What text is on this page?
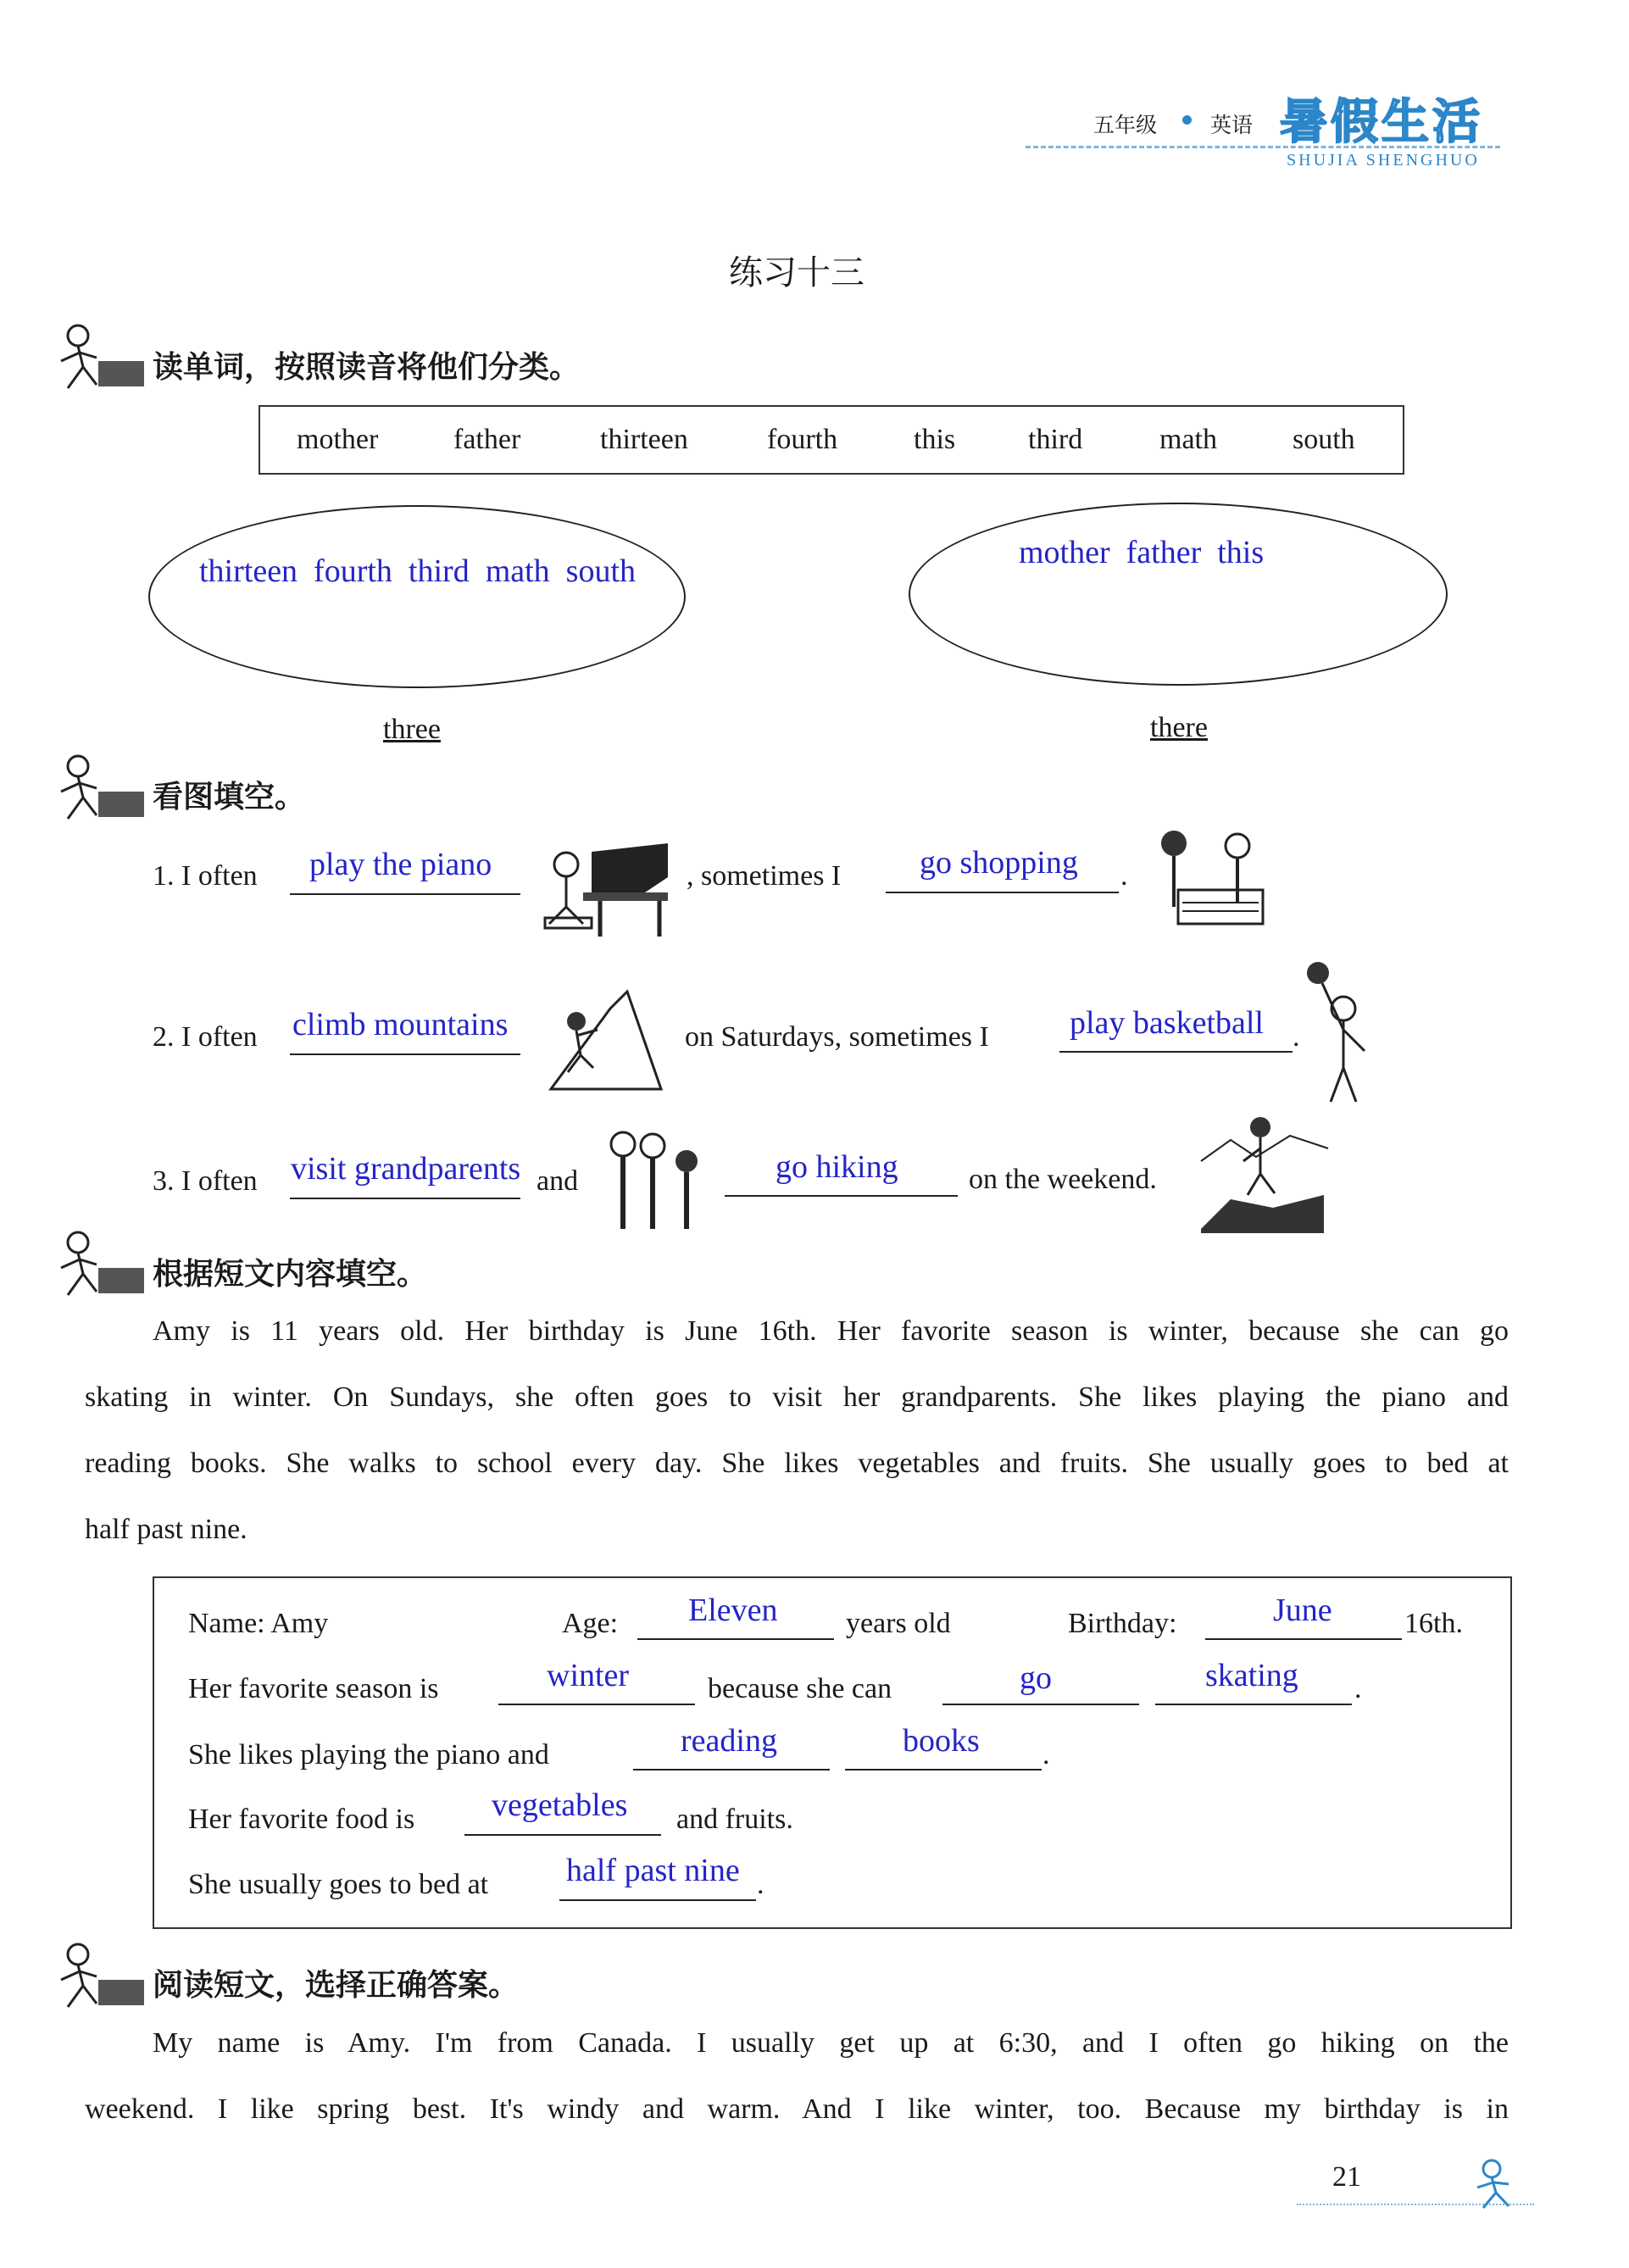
五年级	英语 暑假生活
SHUJIA SHENGHUO
练习十三
读单词，按照读音将他们分类。
mother	father	thirteen	fourth	this	third	math	south
thirteen  fourth  third  math  south
three
mother  father  this
there
看图填空。
1. I often play the piano	, sometimes I go shopping .
2. I often climb mountains	on Saturdays, sometimes I	play basketball .
3. I often visit grandparents and	go hiking on the weekend.
根据短文内容填空。
Amy is 11 years old. Her birthday is June 16th. Her favorite season is winter, because she can go
skating in winter. On Sundays, she often goes to visit her grandparents. She likes playing the piano and
reading books. She walks to school every day. She likes vegetables and fruits. She usually goes to bed at
half past nine.
Name: Amy	Age: Eleven years old	Birthday:	June	16th.
Her favorite season is	winter	because she can	go	skating .
She likes playing the piano and	reading	books .
Her favorite food is vegetables and fruits.
She usually goes to bed at half past nine .
阅读短文，选择正确答案。
My name is Amy. I'm from Canada. I usually get up at 6:30, and I often go hiking on the
weekend. I like spring best. It's windy and warm. And I like winter, too. Because my birthday is in
21
